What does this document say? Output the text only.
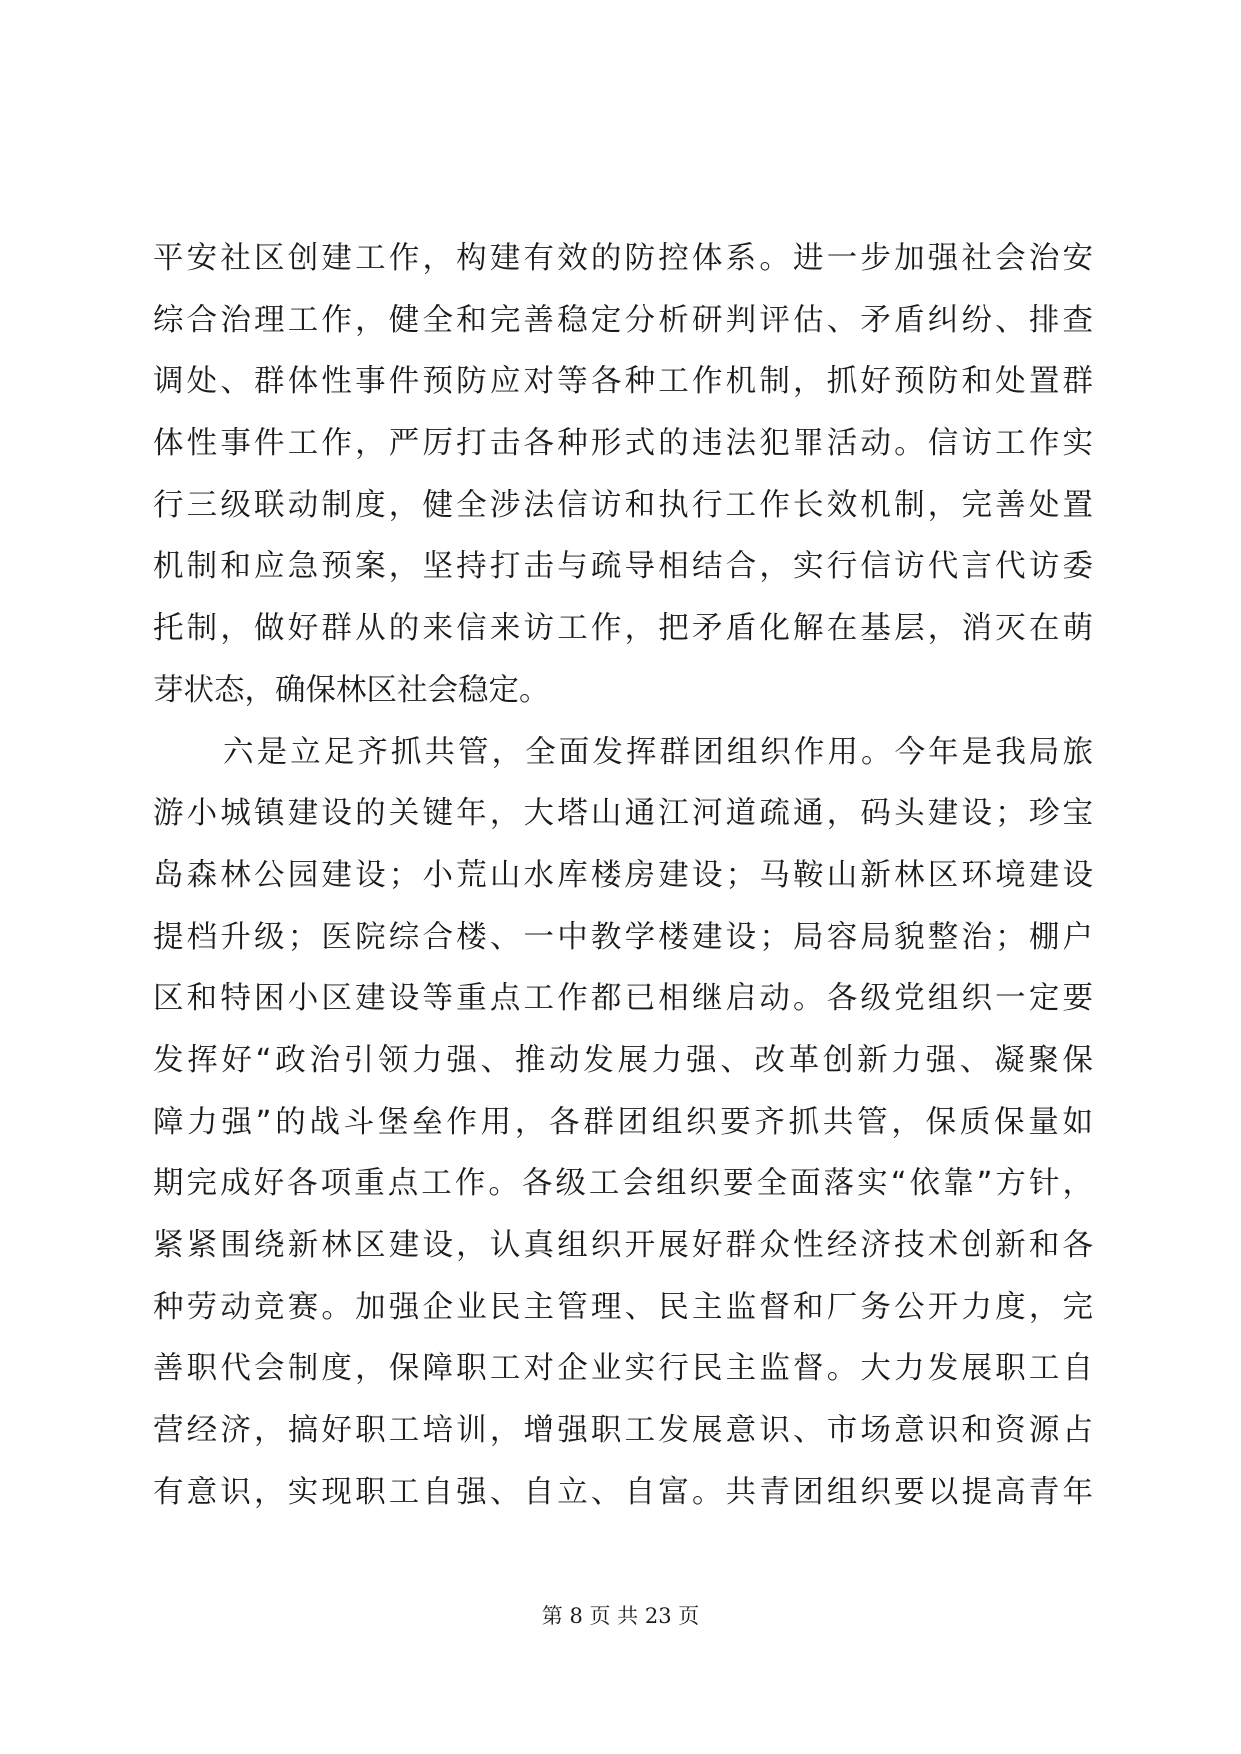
平安社区创建工作，构建有效的防控体系。进一步加强社会治安
综合治理工作，健全和完善稳定分析研判评估、矛盾纠纷、排查
调处、群体性事件预防应对等各种工作机制，抓好预防和处置群
体性事件工作，严厉打击各种形式的违法犯罪活动。信访工作实
行三级联动制度，健全涉法信访和执行工作长效机制，完善处置
机制和应急预案，坚持打击与疏导相结合，实行信访代言代访委
托制，做好群从的来信来访工作，把矛盾化解在基层，消灭在萌
芽状态，确保林区社会稳定。
六是立足齐抓共管，全面发挥群团组织作用。今年是我局旅
游小城镇建设的关键年，大塔山通江河道疏通，码头建设；珍宝
岛森林公园建设；小荒山水库楼房建设；马鞍山新林区环境建设
提档升级；医院综合楼、一中教学楼建设；局容局貌整治；棚户
区和特困小区建设等重点工作都已相继启动。各级党组织一定要
发挥好“政治引领力强、推动发展力强、改革创新力强、凝聚保
障力强”的战斗堡垒作用，各群团组织要齐抓共管，保质保量如
期完成好各项重点工作。各级工会组织要全面落实“依靠”方针，
紧紧围绕新林区建设，认真组织开展好群众性经济技术创新和各
种劳动竞赛。加强企业民主管理、民主监督和厂务公开力度，完
善职代会制度，保障职工对企业实行民主监督。大力发展职工自
营经济，搞好职工培训，增强职工发展意识、市场意识和资源占
有意识，实现职工自强、自立、自富。共青团组织要以提高青年
第 8 页 共 23 页
